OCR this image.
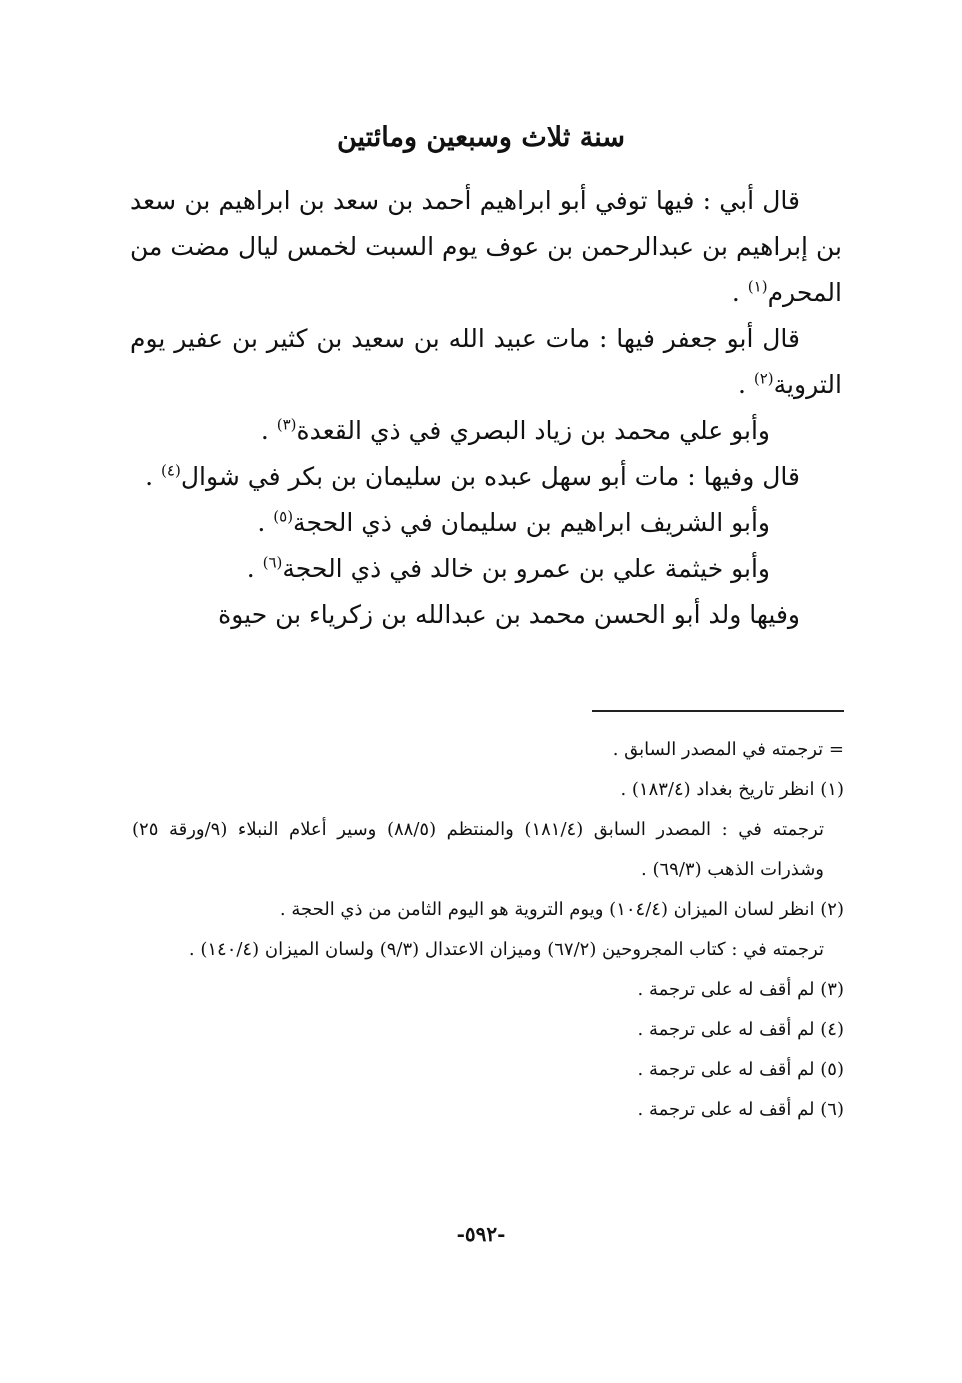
سنة ثلاث وسبعين ومائتين
قال أبي : فيها توفي أبو ابراهيم أحمد بن سعد بن ابراهيم بن سعد بن إبراهيم بن عبدالرحمن بن عوف يوم السبت لخمس ليال مضت من المحرم$^{(١)}$ .
قال أبو جعفر فيها : مات عبيد الله بن سعيد بن كثير بن عفير يوم التروية$^{(٢)}$ .
وأبو علي محمد بن زياد البصري في ذي القعدة$^{(٣)}$ .
قال وفيها : مات أبو سهل عبده بن سليمان بن بكر في شوال$^{(٤)}$ .
وأبو الشريف ابراهيم بن سليمان في ذي الحجة$^{(٥)}$ .
وأبو خيثمة علي بن عمرو بن خالد في ذي الحجة$^{(٦)}$ .
وفيها ولد أبو الحسن محمد بن عبدالله بن زكرياء بن حيوة
= ترجمته في المصدر السابق .
(١) انظر تاريخ بغداد (١٨٣/٤) .
ترجمته في : المصدر السابق (١٨١/٤) والمنتظم (٨٨/٥) وسير أعلام النبلاء (٩/ورقة ٢٥) وشذرات الذهب (٦٩/٣) .
(٢) انظر لسان الميزان (١٠٤/٤) ويوم التروية هو اليوم الثامن من ذي الحجة .
ترجمته في : كتاب المجروحين (٦٧/٢) وميزان الاعتدال (٩/٣) ولسان الميزان (١٤٠/٤) .
(٣) لم أقف له على ترجمة .
(٤) لم أقف له على ترجمة .
(٥) لم أقف له على ترجمة .
(٦) لم أقف له على ترجمة .
-٥٩٢-
